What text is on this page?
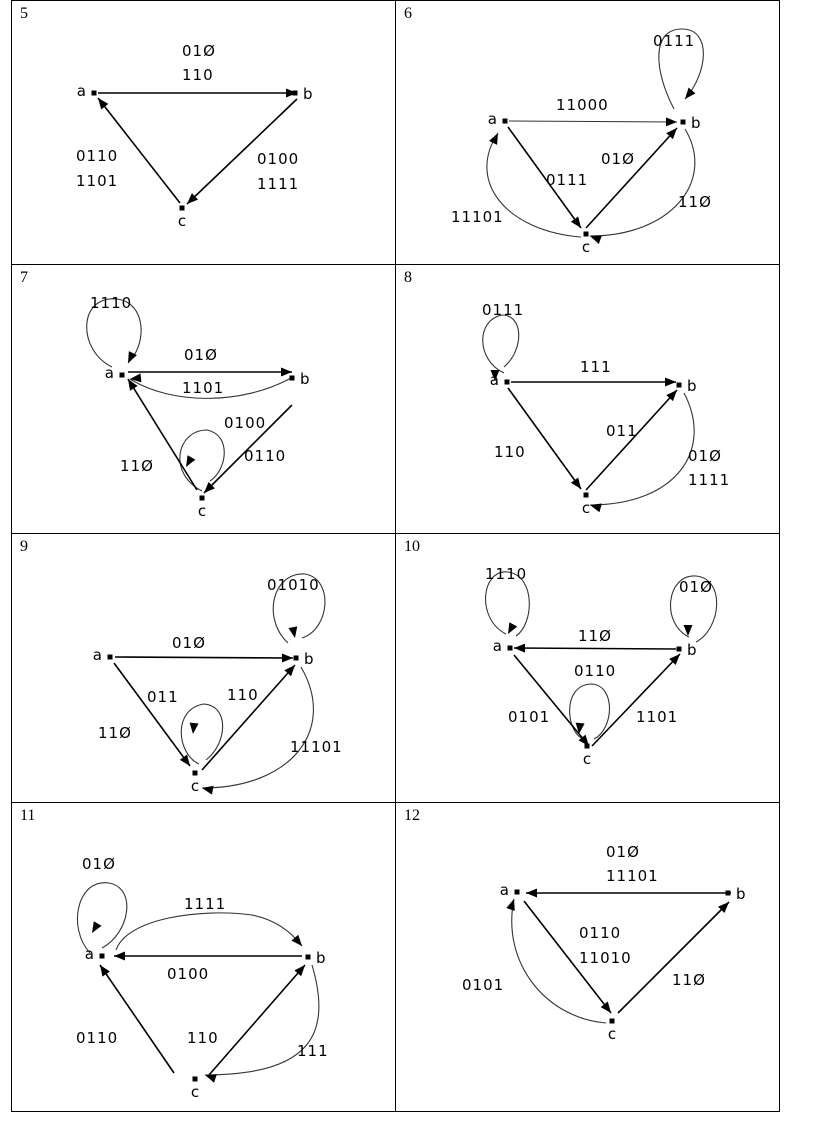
5
01Ø
110
0100
1111
0110
1101
a	b
c
6
0111
11000
0111
01Ø
11Ø
11101
a	b
c
7
1110
01Ø
1101
0100
0110
11Ø
a	b
c
8
0111
111
110
011
01Ø
1111
a	b
c
9
01010
01Ø
011	110
11Ø
11101
a	b
c
10
1110
01Ø
11Ø
0110
0101	1101
a	b
c
11
01Ø
1111
0100
0110	110
111
a	b
c
12
01Ø
11101
0110
11010
11Ø
0101
a	b
c
